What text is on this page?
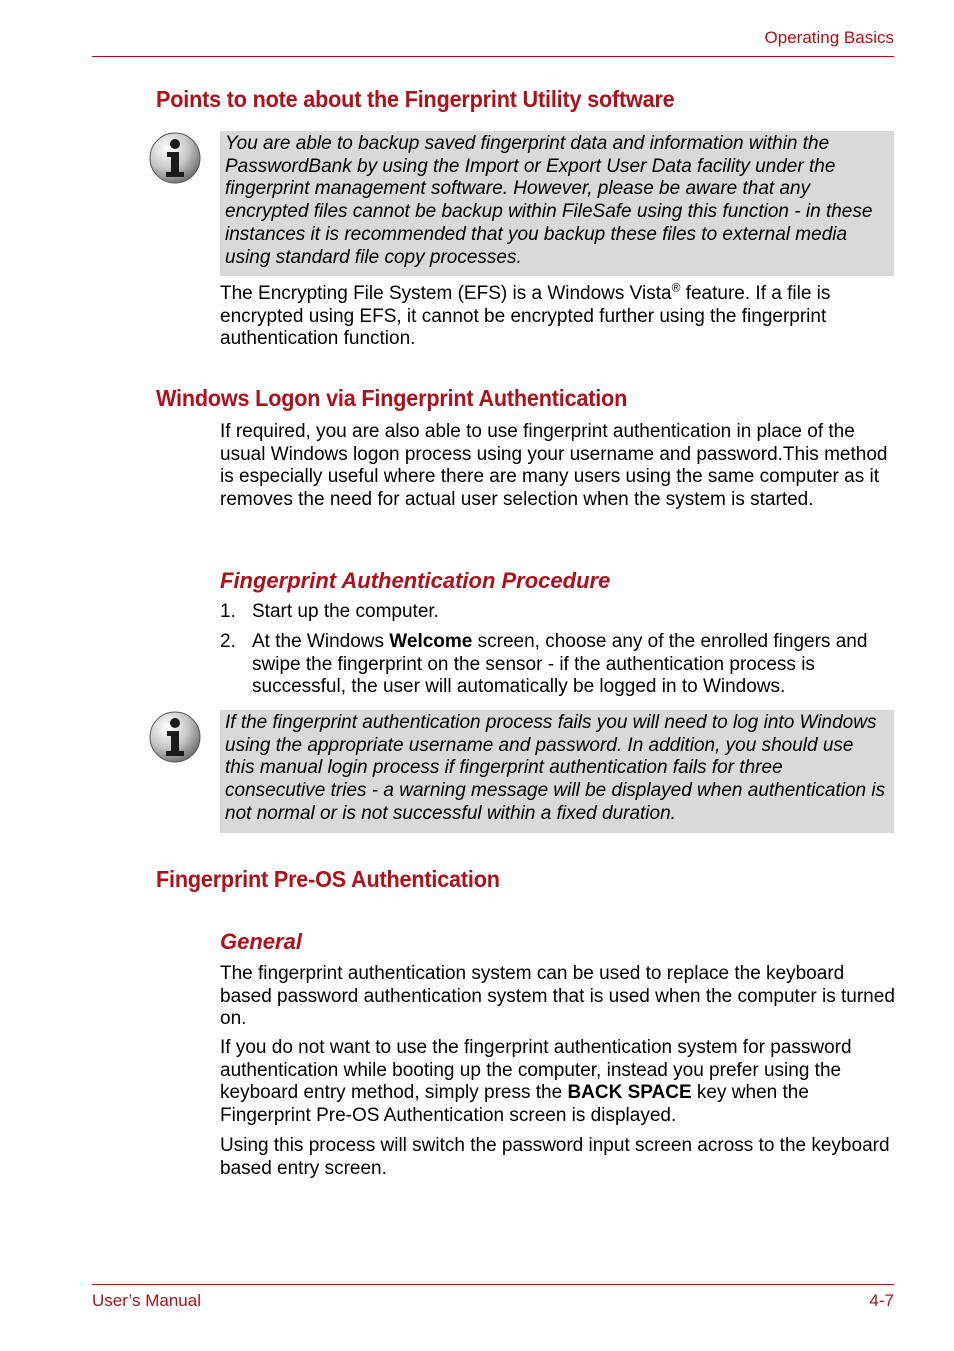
Operating Basics
Points to note about the Fingerprint Utility software
You are able to backup saved fingerprint data and information within the PasswordBank by using the Import or Export User Data facility under the fingerprint management software. However, please be aware that any encrypted files cannot be backup within FileSafe using this function - in these instances it is recommended that you backup these files to external media using standard file copy processes.
The Encrypting File System (EFS) is a Windows Vista® feature. If a file is encrypted using EFS, it cannot be encrypted further using the fingerprint authentication function.
Windows Logon via Fingerprint Authentication
If required, you are also able to use fingerprint authentication in place of the usual Windows logon process using your username and password.This method is especially useful where there are many users using the same computer as it removes the need for actual user selection when the system is started.
Fingerprint Authentication Procedure
1. Start up the computer.
2. At the Windows Welcome screen, choose any of the enrolled fingers and swipe the fingerprint on the sensor - if the authentication process is successful, the user will automatically be logged in to Windows.
If the fingerprint authentication process fails you will need to log into Windows using the appropriate username and password. In addition, you should use this manual login process if fingerprint authentication fails for three consecutive tries - a warning message will be displayed when authentication is not normal or is not successful within a fixed duration.
Fingerprint Pre-OS Authentication
General
The fingerprint authentication system can be used to replace the keyboard based password authentication system that is used when the computer is turned on.
If you do not want to use the fingerprint authentication system for password authentication while booting up the computer, instead you prefer using the keyboard entry method, simply press the BACK SPACE key when the Fingerprint Pre-OS Authentication screen is displayed.
Using this process will switch the password input screen across to the keyboard based entry screen.
User’s Manual	4-7
